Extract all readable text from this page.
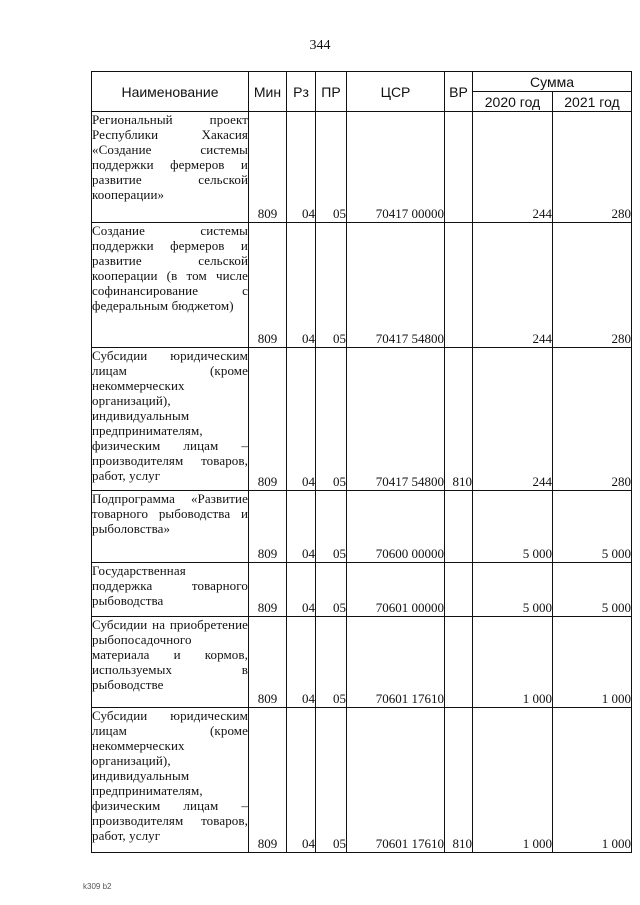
344
Наименование	Мин	Рз	ПР	ЦСР	ВР	Сумма	
						2020 год	2021 год
Региональный проект Республики Хакасия «Создание системы поддержки фермеров и развитие сельской кооперации»	809	04	05	70417 00000		244	280
Создание системы поддержки фермеров и развитие сельской кооперации (в том числе софинансирование с федеральным бюджетом)	809	04	05	70417 54800		244	280
Субсидии юридическим лицам (кроме некоммерческих организаций), индивидуальным предпринимателям, физическим лицам – производителям товаров, работ, услуг	809	04	05	70417 54800	810	244	280
Подпрограмма «Развитие товарного рыбоводства и рыболовства»	809	04	05	70600 00000		5 000	5 000
Государственная поддержка товарного рыбоводства	809	04	05	70601 00000		5 000	5 000
Субсидии на приобретение рыбопосадочного материала и кормов, используемых в рыбоводстве	809	04	05	70601 17610		1 000	1 000
Субсидии юридическим лицам (кроме некоммерческих организаций), индивидуальным предпринимателям, физическим лицам – производителям товаров, работ, услуг	809	04	05	70601 17610	810	1 000	1 000
k309 b2
